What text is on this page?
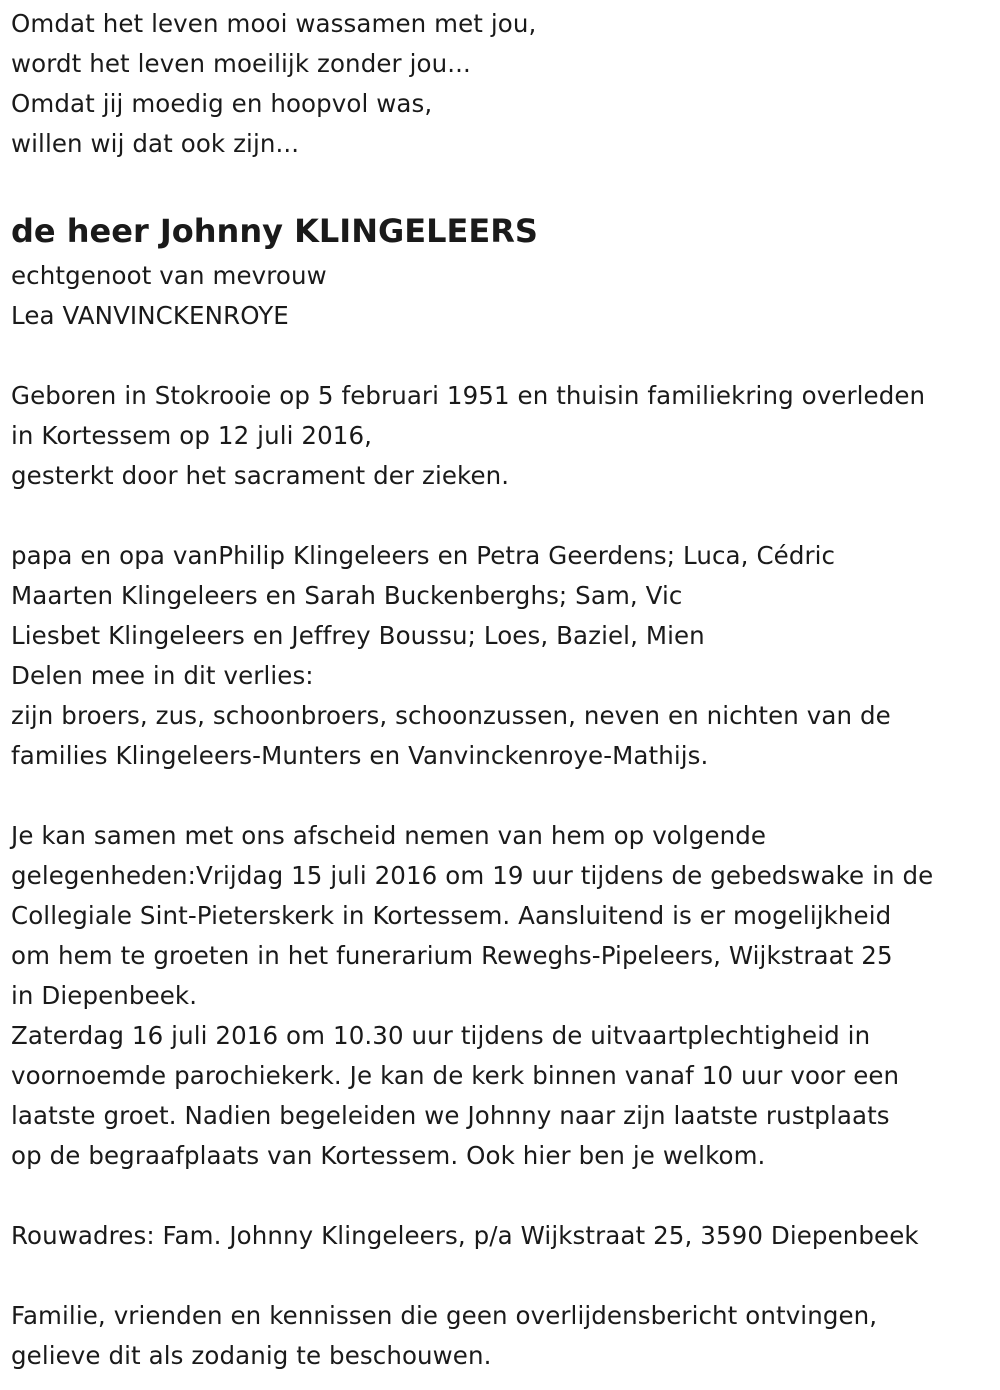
Omdat het leven mooi wassamen met jou,
wordt het leven moeilijk zonder jou...
Omdat jij moedig en hoopvol was,
willen wij dat ook zijn...
de heer Johnny KLINGELEERS
echtgenoot van mevrouw
Lea VANVINCKENROYE
Geboren in Stokrooie op 5 februari 1951 en thuisin familiekring overleden
in Kortessem op 12 juli 2016,
gesterkt door het sacrament der zieken.
papa en opa vanPhilip Klingeleers en Petra Geerdens; Luca, Cédric
Maarten Klingeleers en Sarah Buckenberghs; Sam, Vic
Liesbet Klingeleers en Jeffrey Boussu; Loes, Baziel, Mien
Delen mee in dit verlies:
zijn broers, zus, schoonbroers, schoonzussen, neven en nichten van de
families Klingeleers-Munters en Vanvinckenroye-Mathijs.
Je kan samen met ons afscheid nemen van hem op volgende
gelegenheden:Vrijdag 15 juli 2016 om 19 uur tijdens de gebedswake in de
Collegiale Sint-Pieterskerk in Kortessem. Aansluitend is er mogelijkheid
om hem te groeten in het funerarium Reweghs-Pipeleers, Wijkstraat 25
in Diepenbeek.
Zaterdag 16 juli 2016 om 10.30 uur tijdens de uitvaartplechtigheid in
voornoemde parochiekerk. Je kan de kerk binnen vanaf 10 uur voor een
laatste groet. Nadien begeleiden we Johnny naar zijn laatste rustplaats
op de begraafplaats van Kortessem. Ook hier ben je welkom.
Rouwadres: Fam. Johnny Klingeleers, p/a Wijkstraat 25, 3590 Diepenbeek
Familie, vrienden en kennissen die geen overlijdensbericht ontvingen,
gelieve dit als zodanig te beschouwen.
